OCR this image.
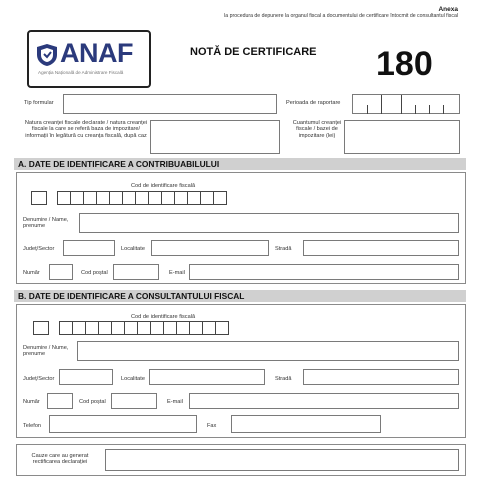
Anexa
la procedura de depunere la organul fiscal a documentului de certificare întocmit de consultantul fiscal
ANAF
Agenția Națională de Administrare Fiscală
NOTĂ DE CERTIFICARE 180
Tip formular	Perioada de raportare
Natura creanței fiscale declarate / natura creanței fiscale la care se referă baza de impozitare/ informații în legătură cu creanța fiscală, după caz
Cuantumul creanței fiscale / bazei de impozitare (lei)
A. DATE DE IDENTIFICARE A CONTRIBUABILULUI
Cod de identificare fiscală
Denumire / Name, prenume
Județ/Sector	Localitate	Stradă
Număr	Cod poștal	E-mail
B. DATE DE IDENTIFICARE A CONSULTANTULUI FISCAL
Cod de identificare fiscală
Denumire / Nume, prenume
Județ/Sector	Localitate	Stradă
Număr	Cod poștal	E-mail
Telefon	Fax
Cauze care au generat rectificarea declarației
